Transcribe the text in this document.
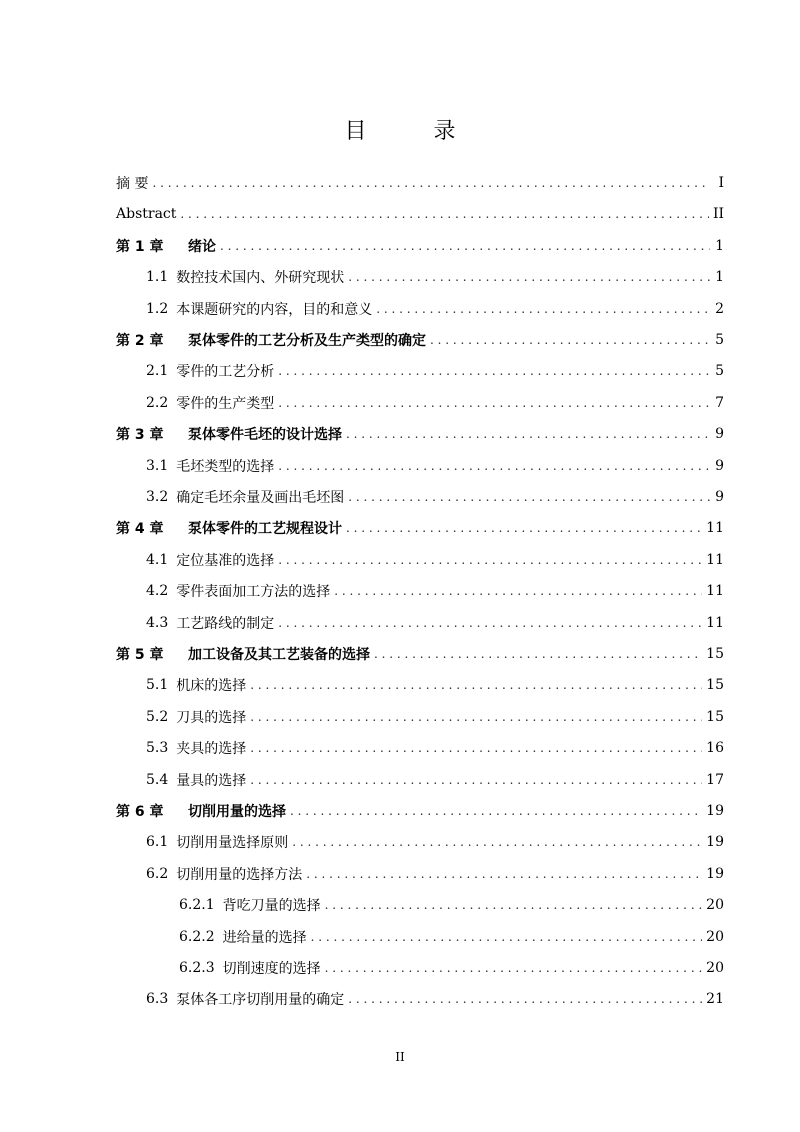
目 录
摘 要 . . .	I
Abstract . . .	II
第 1 章	绪论 . . .	1
1.1 数控技术国内、外研究现状 . . .	1
1.2 本课题研究的内容，目的和意义 . . .	2
第 2 章	泵体零件的工艺分析及生产类型的确定 . . .	5
2.1 零件的工艺分析 . . .	5
2.2 零件的生产类型 . . .	7
第 3 章	泵体零件毛坯的设计选择 . . .	9
3.1 毛坯类型的选择 . . .	9
3.2 确定毛坯余量及画出毛坯图 . . .	9
第 4 章	泵体零件的工艺规程设计 . . .	11
4.1 定位基准的选择 . . .	11
4.2 零件表面加工方法的选择 . . .	11
4.3 工艺路线的制定 . . .	11
第 5 章	加工设备及其工艺装备的选择 . . .	15
5.1 机床的选择 . . .	15
5.2 刀具的选择 . . .	15
5.3 夹具的选择 . . .	16
5.4 量具的选择 . . .	17
第 6 章	切削用量的选择 . . .	19
6.1 切削用量选择原则 . . .	19
6.2 切削用量的选择方法 . . .	19
6.2.1 背吃刀量的选择 . . .	20
6.2.2 进给量的选择 . . .	20
6.2.3 切削速度的选择 . . .	20
6.3 泵体各工序切削用量的确定 . . .	21
II
